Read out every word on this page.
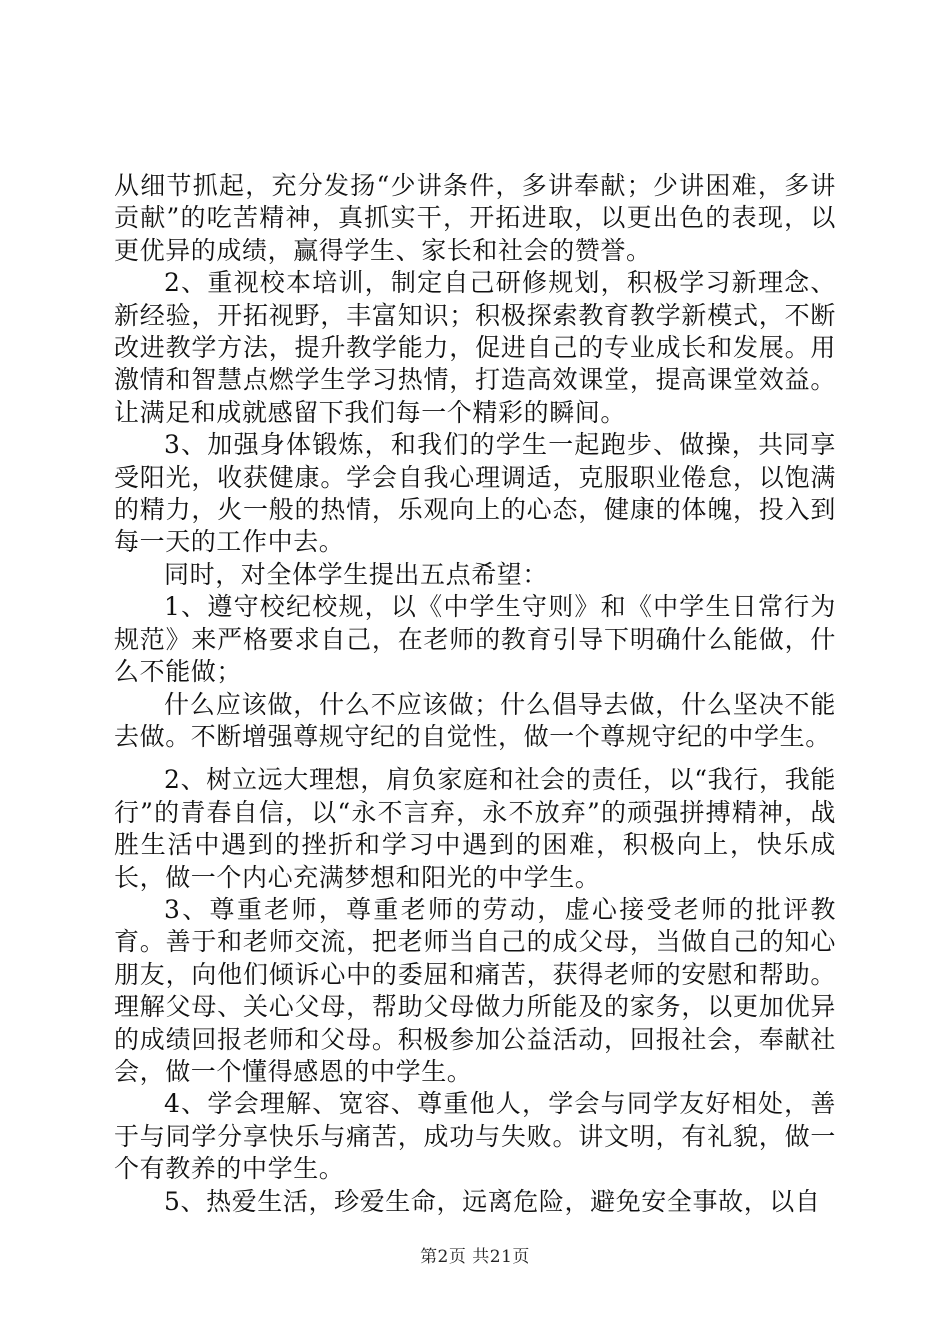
从细节抓起，充分发扬“少讲条件，多讲奉献；少讲困难，多讲贡献”的吃苦精神，真抓实干，开拓进取，以更出色的表现，以更优异的成绩，赢得学生、家长和社会的赞誉。

2、重视校本培训，制定自己研修规划，积极学习新理念、新经验，开拓视野，丰富知识；积极探索教育教学新模式，不断改进教学方法，提升教学能力，促进自己的专业成长和发展。用激情和智慧点燃学生学习热情，打造高效课堂，提高课堂效益。让满足和成就感留下我们每一个精彩的瞬间。

3、加强身体锻炼，和我们的学生一起跑步、做操，共同享受阳光，收获健康。学会自我心理调适，克服职业倦怠，以饱满的精力，火一般的热情，乐观向上的心态，健康的体魄，投入到每一天的工作中去。

同时，对全体学生提出五点希望：

1、遵守校纪校规，以《中学生守则》和《中学生日常行为规范》来严格要求自己，在老师的教育引导下明确什么能做，什么不能做；

什么应该做，什么不应该做；什么倡导去做，什么坚决不能去做。不断增强尊规守纪的自觉性，做一个尊规守纪的中学生。

2、树立远大理想，肩负家庭和社会的责任，以“我行，我能行”的青春自信，以“永不言弃，永不放弃”的顽强拼搏精神，战胜生活中遇到的挫折和学习中遇到的困难，积极向上，快乐成长，做一个内心充满梦想和阳光的中学生。

3、尊重老师，尊重老师的劳动，虚心接受老师的批评教育。善于和老师交流，把老师当自己的成父母，当做自己的知心朋友，向他们倾诉心中的委屈和痛苦，获得老师的安慰和帮助。理解父母、关心父母，帮助父母做力所能及的家务，以更加优异的成绩回报老师和父母。积极参加公益活动，回报社会，奉献社会，做一个懂得感恩的中学生。

4、学会理解、宽容、尊重他人，学会与同学友好相处，善于与同学分享快乐与痛苦，成功与失败。讲文明，有礼貌，做一个有教养的中学生。

5、热爱生活，珍爱生命，远离危险，避免安全事故，以自

第2页 共21页
